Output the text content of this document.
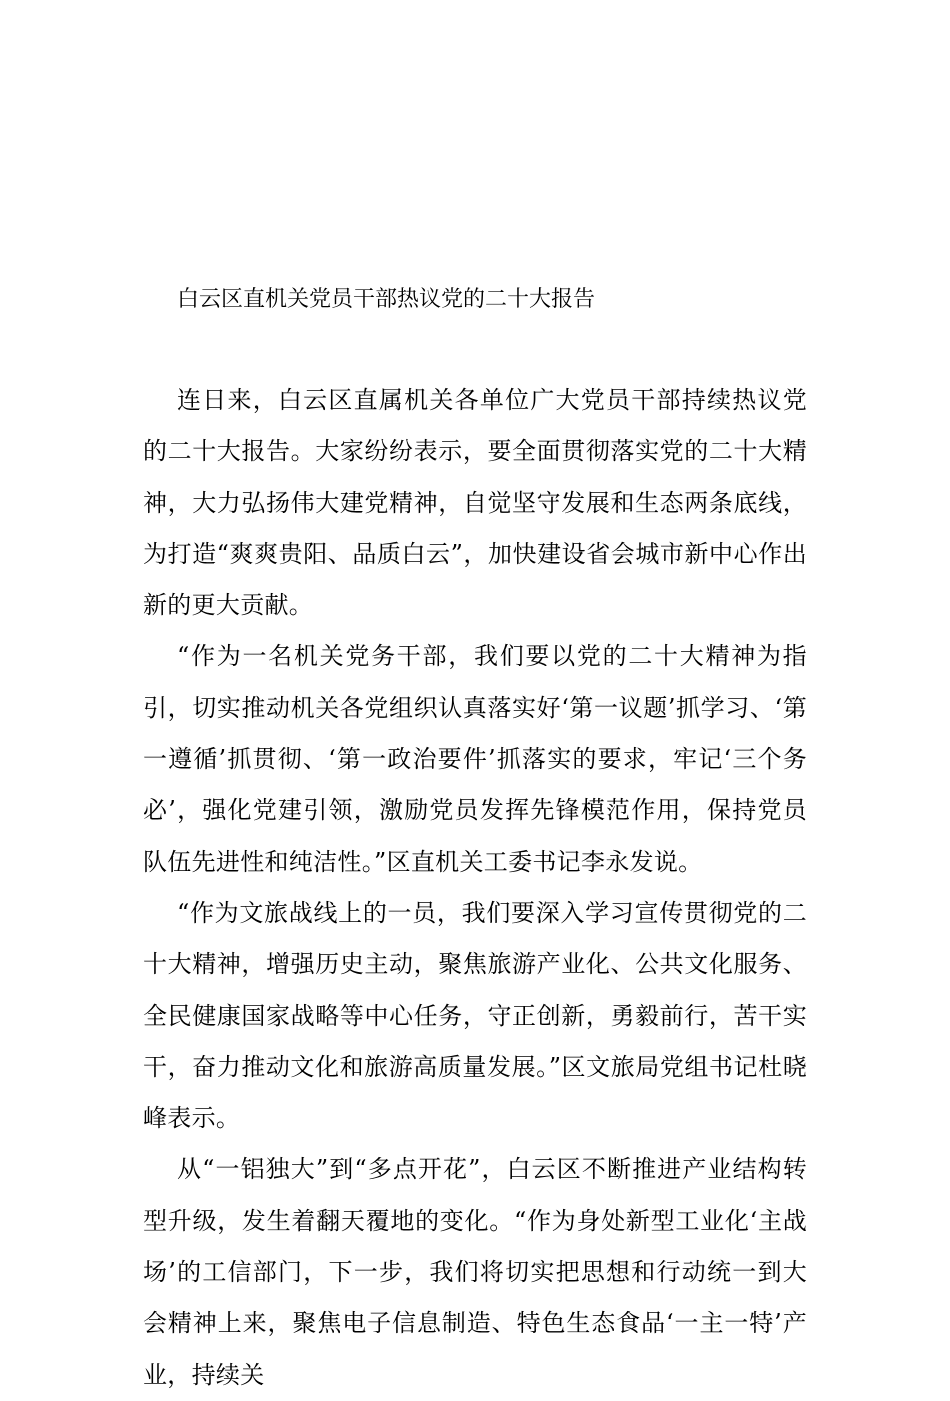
白云区直机关党员干部热议党的二十大报告

连日来，白云区直属机关各单位广大党员干部持续热议党的二十大报告。大家纷纷表示，要全面贯彻落实党的二十大精神，大力弘扬伟大建党精神，自觉坚守发展和生态两条底线，为打造“爽爽贵阳、品质白云”，加快建设省会城市新中心作出新的更大贡献。

“作为一名机关党务干部，我们要以党的二十大精神为指引，切实推动机关各党组织认真落实好‘第一议题’抓学习、‘第一遵循’抓贯彻、‘第一政治要件’抓落实的要求，牢记‘三个务必’，强化党建引领，激励党员发挥先锋模范作用，保持党员队伍先进性和纯洁性。”区直机关工委书记李永发说。

“作为文旅战线上的一员，我们要深入学习宣传贯彻党的二十大精神，增强历史主动，聚焦旅游产业化、公共文化服务、全民健康国家战略等中心任务，守正创新，勇毅前行，苦干实干，奋力推动文化和旅游高质量发展。”区文旅局党组书记杜晓峰表示。

从“一铝独大”到“多点开花”，白云区不断推进产业结构转型升级，发生着翻天覆地的变化。“作为身处新型工业化‘主战场’的工信部门，下一步，我们将切实把思想和行动统一到大会精神上来，聚焦电子信息制造、特色生态食品‘一主一特’产业，持续关
